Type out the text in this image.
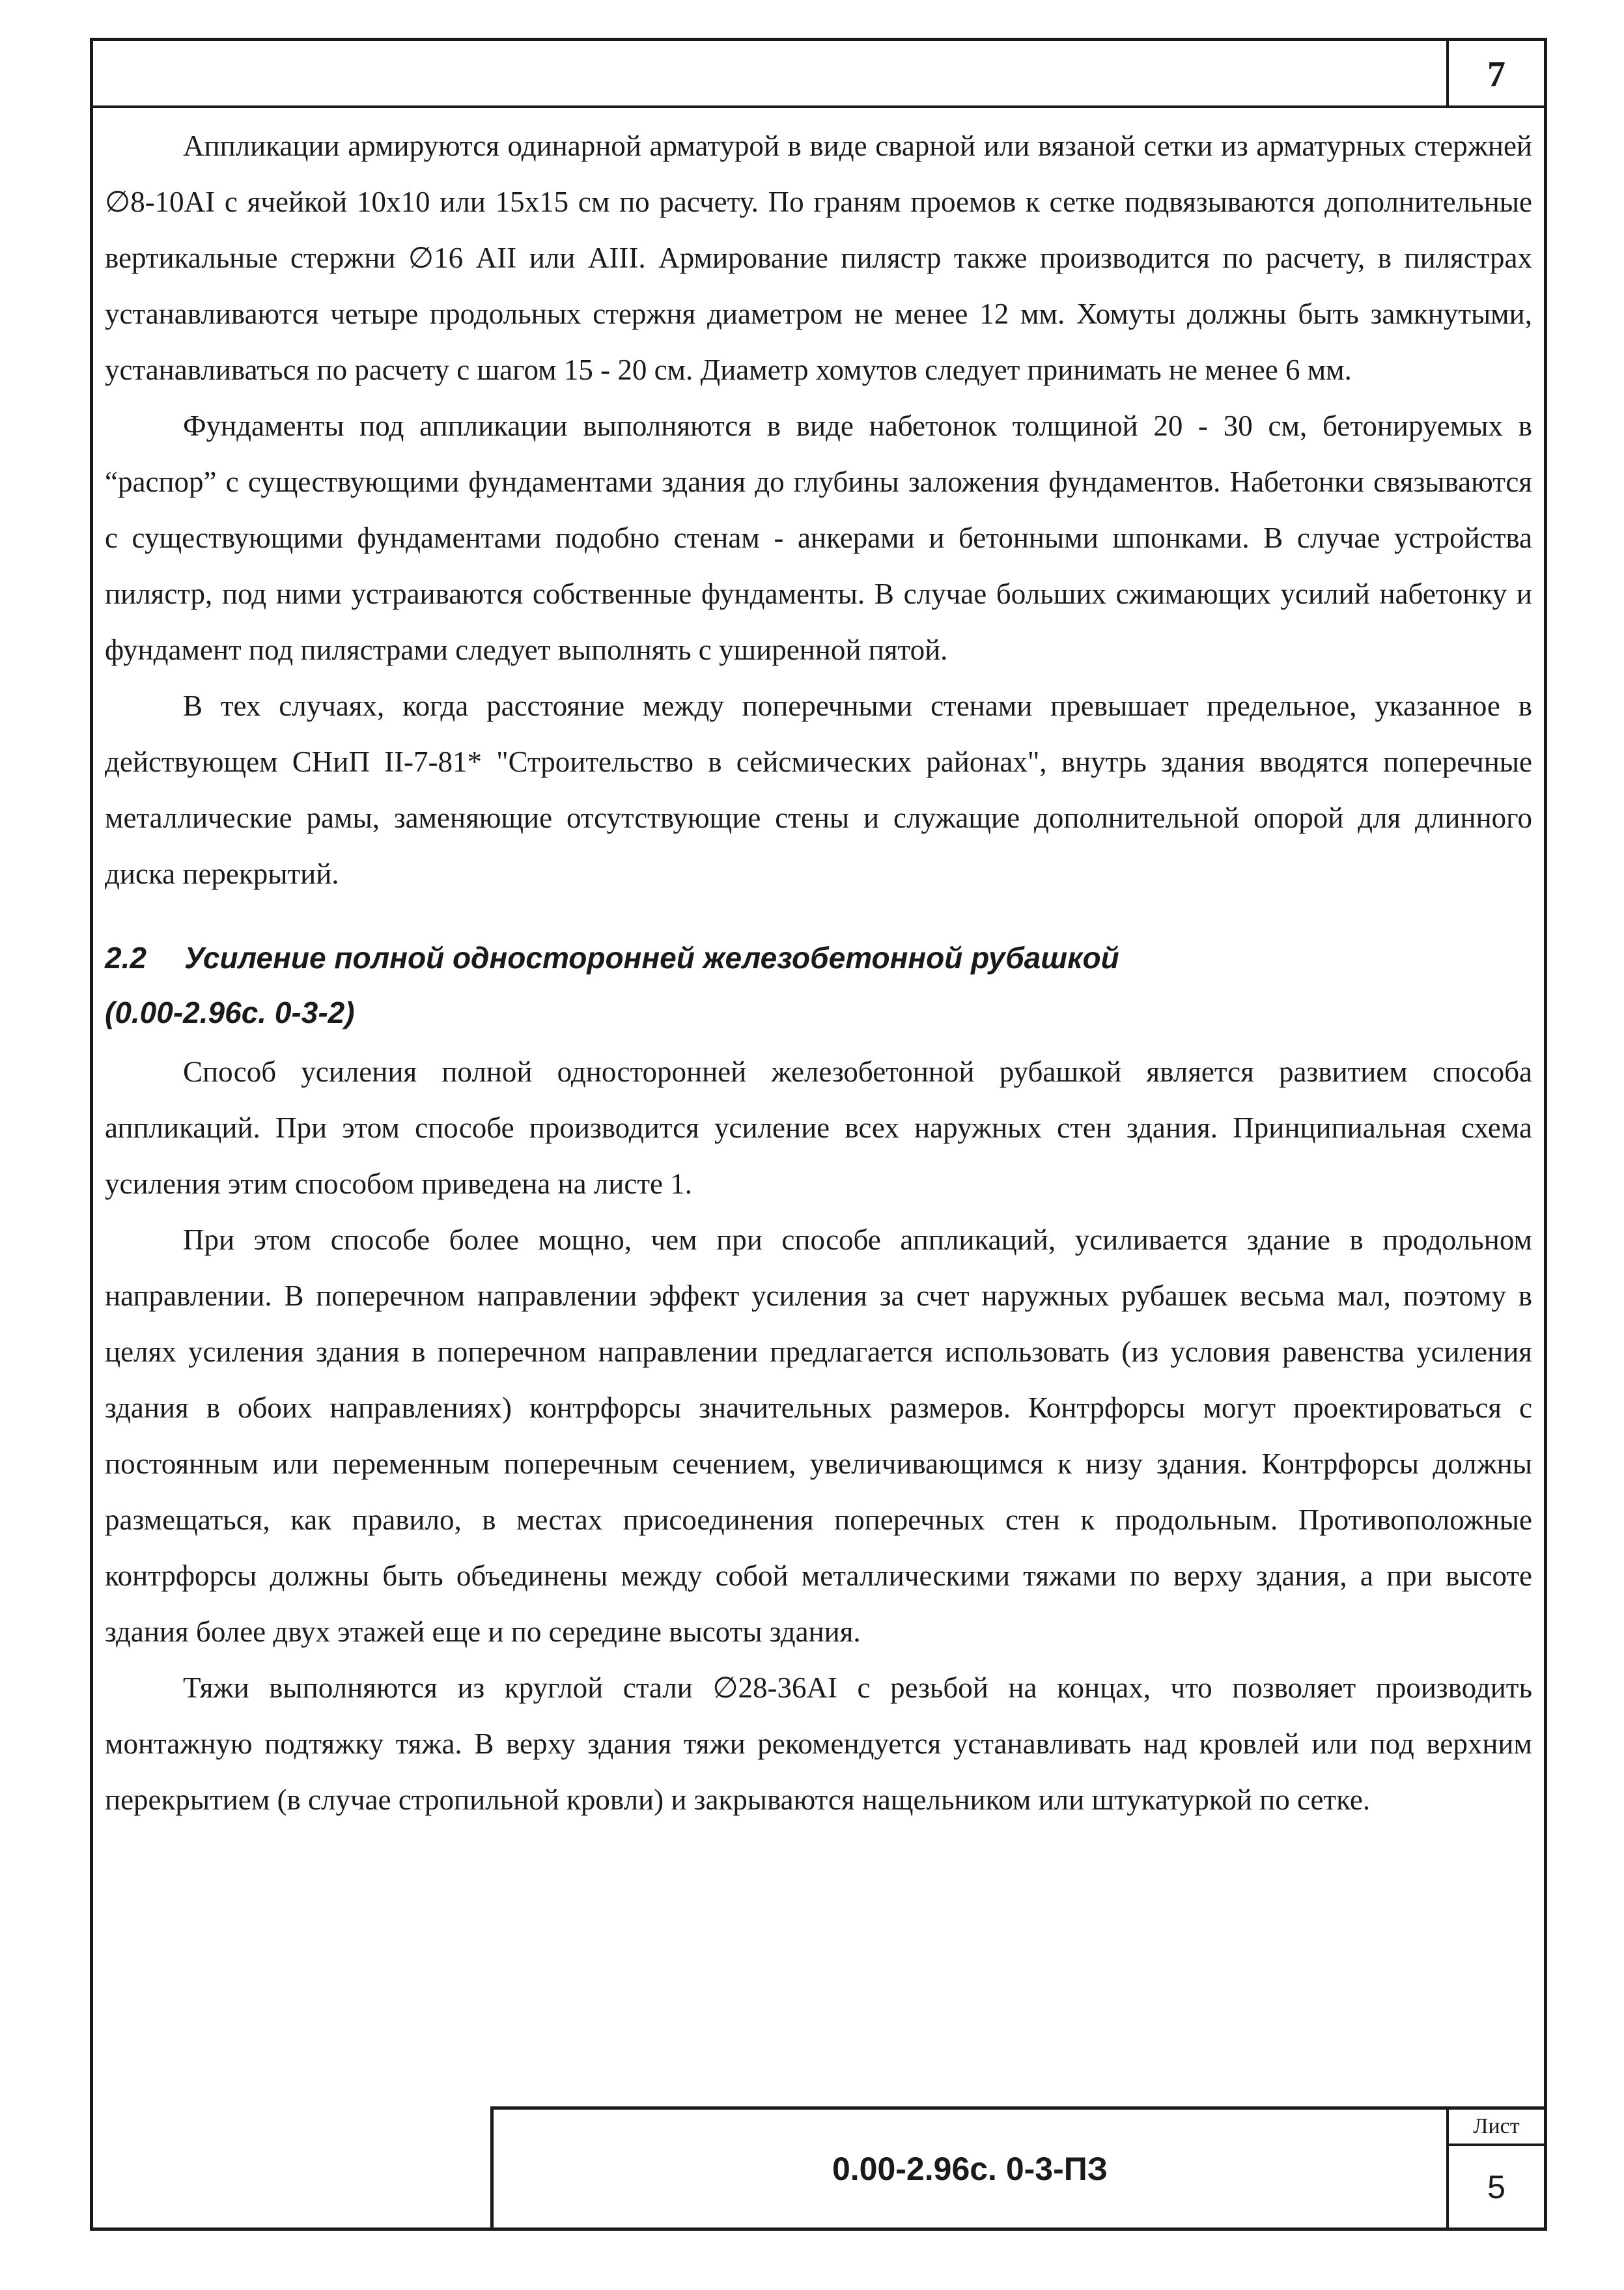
7

Аппликации армируются одинарной арматурой в виде сварной или вязаной сетки из арматурных стержней ∅8-10AI с ячейкой 10x10 или 15x15 см по расчету. По граням проемов к сетке подвязываются дополнительные вертикальные стержни ∅16 AII или AIII. Армирование пилястр также производится по расчету, в пилястрах устанавливаются четыре продольных стержня диаметром не менее 12 мм. Хомуты должны быть замкнутыми, устанавливаться по расчету с шагом 15 - 20 см. Диаметр хомутов следует принимать не менее 6 мм.

Фундаменты под аппликации выполняются в виде набетонок толщиной 20 - 30 см, бетонируемых в “распор” с существующими фундаментами здания до глубины заложения фундаментов. Набетонки связываются с существующими фундаментами подобно стенам - анкерами и бетонными шпонками. В случае устройства пилястр, под ними устраиваются собственные фундаменты. В случае больших сжимающих усилий набетонку и фундамент под пилястрами следует выполнять с уширенной пятой.

В тех случаях, когда расстояние между поперечными стенами превышает предельное, указанное в действующем СНиП II-7-81* "Строительство в сейсмических районах", внутрь здания вводятся поперечные металлические рамы, заменяющие отсутствующие стены и служащие дополнительной опорой для длинного диска перекрытий.

2.2 Усиление полной односторонней железобетонной рубашкой
(0.00-2.96с. 0-3-2)

Способ усиления полной односторонней железобетонной рубашкой является развитием способа аппликаций. При этом способе производится усиление всех наружных стен здания. Принципиальная схема усиления этим способом приведена на листе 1.

При этом способе более мощно, чем при способе аппликаций, усиливается здание в продольном направлении. В поперечном направлении эффект усиления за счет наружных рубашек весьма мал, поэтому в целях усиления здания в поперечном направлении предлагается использовать (из условия равенства усиления здания в обоих направлениях) контрфорсы значительных размеров. Контрфорсы могут проектироваться с постоянным или переменным поперечным сечением, увеличивающимся к низу здания. Контрфорсы должны размещаться, как правило, в местах присоединения поперечных стен к продольным. Противоположные контрфорсы должны быть объединены между собой металлическими тяжами по верху здания, а при высоте здания более двух этажей еще и по середине высоты здания.

Тяжи выполняются из круглой стали ∅28-36AI с резьбой на концах, что позволяет производить монтажную подтяжку тяжа. В верху здания тяжи рекомендуется устанавливать над кровлей или под верхним перекрытием (в случае стропильной кровли) и закрываются нащельником или штукатуркой по сетке.

0.00-2.96с. 0-3-ПЗ
Лист
5
